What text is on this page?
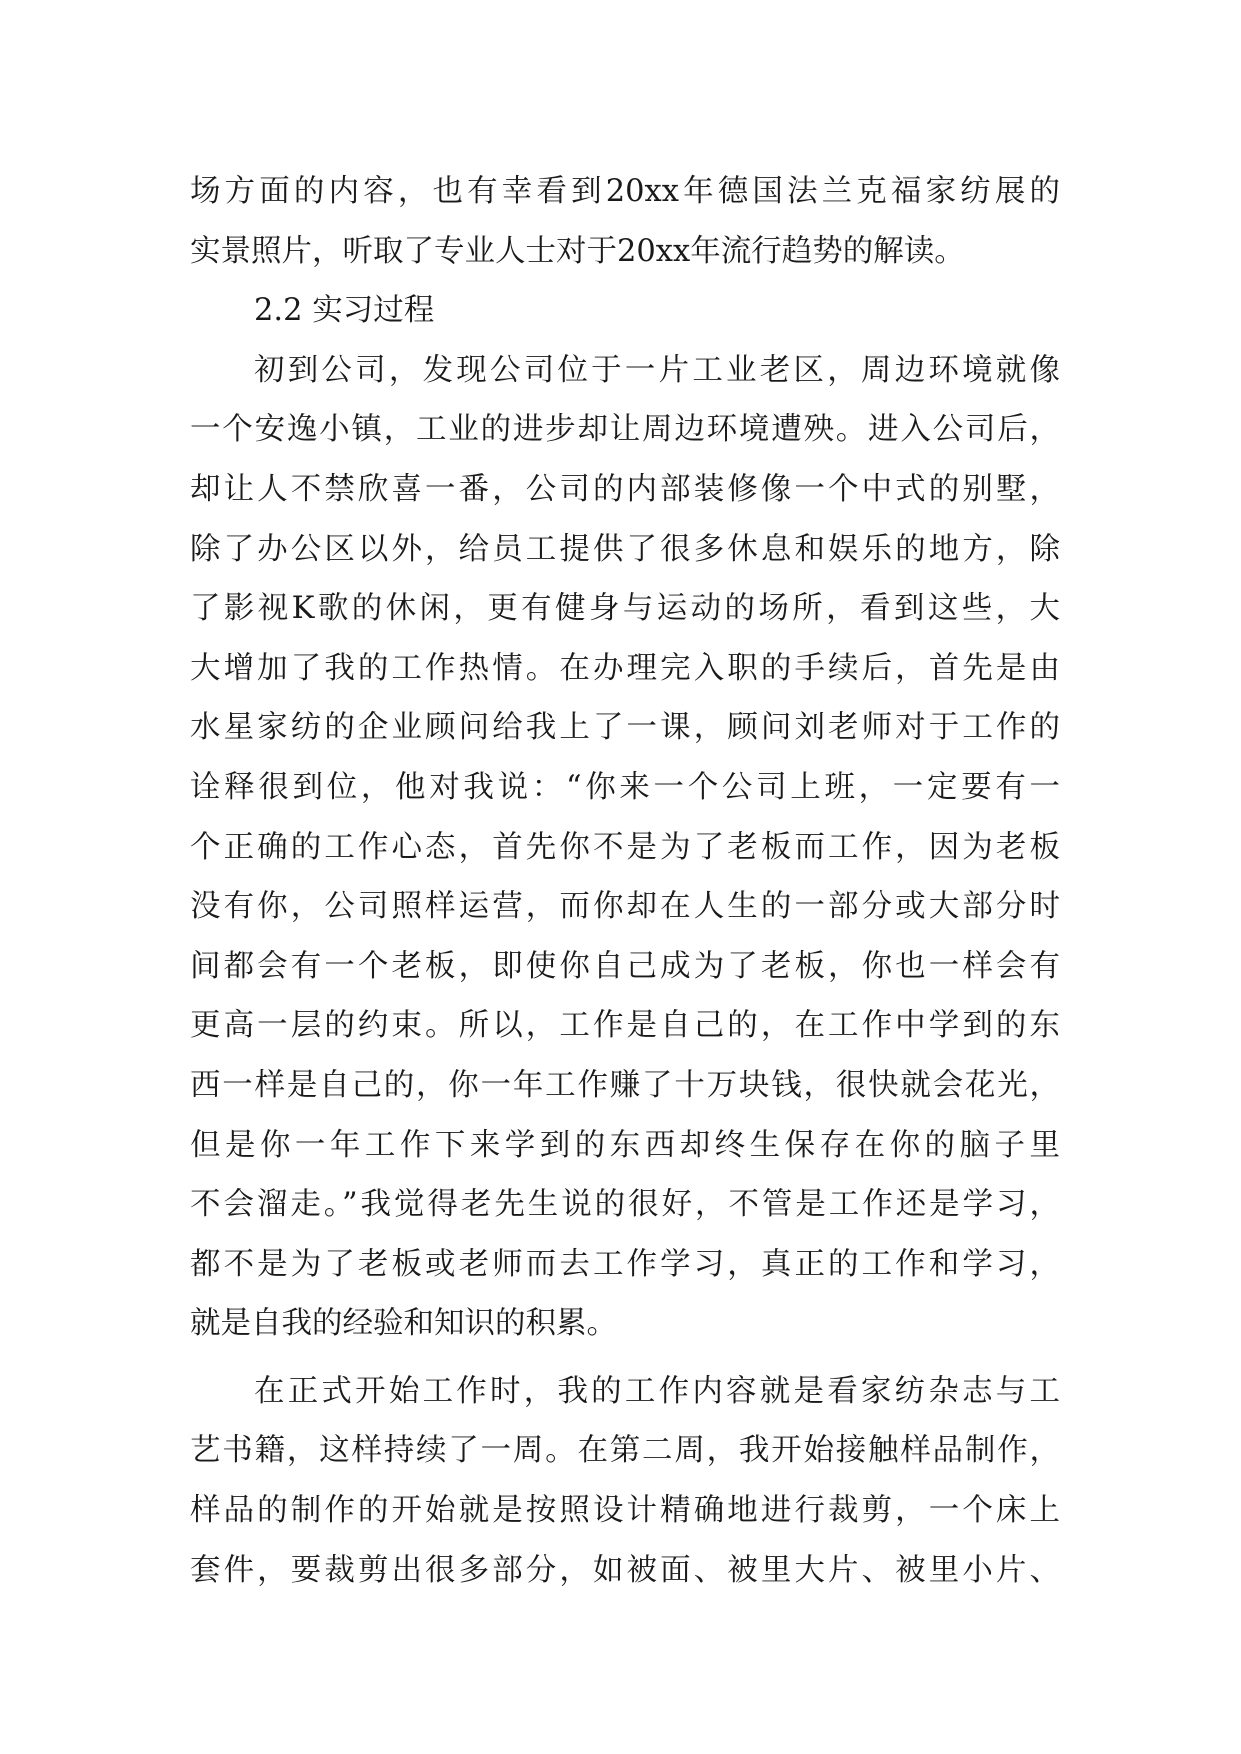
场方面的内容，也有幸看到20xx年德国法兰克福家纺展的
实景照片，听取了专业人士对于20xx年流行趋势的解读。
2.2 实习过程
初到公司，发现公司位于一片工业老区，周边环境就像
一个安逸小镇，工业的进步却让周边环境遭殃。进入公司后，
却让人不禁欣喜一番，公司的内部装修像一个中式的别墅，
除了办公区以外，给员工提供了很多休息和娱乐的地方，除
了影视K歌的休闲，更有健身与运动的场所，看到这些，大
大增加了我的工作热情。在办理完入职的手续后，首先是由
水星家纺的企业顾问给我上了一课，顾问刘老师对于工作的
诠释很到位，他对我说：“你来一个公司上班，一定要有一
个正确的工作心态，首先你不是为了老板而工作，因为老板
没有你，公司照样运营，而你却在人生的一部分或大部分时
间都会有一个老板，即使你自己成为了老板，你也一样会有
更高一层的约束。所以，工作是自己的，在工作中学到的东
西一样是自己的，你一年工作赚了十万块钱，很快就会花光，
但是你一年工作下来学到的东西却终生保存在你的脑子里
不会溜走。”我觉得老先生说的很好，不管是工作还是学习，
都不是为了老板或老师而去工作学习，真正的工作和学习，
就是自我的经验和知识的积累。
在正式开始工作时，我的工作内容就是看家纺杂志与工
艺书籍，这样持续了一周。在第二周，我开始接触样品制作，
样品的制作的开始就是按照设计精确地进行裁剪，一个床上
套件，要裁剪出很多部分，如被面、被里大片、被里小片、
